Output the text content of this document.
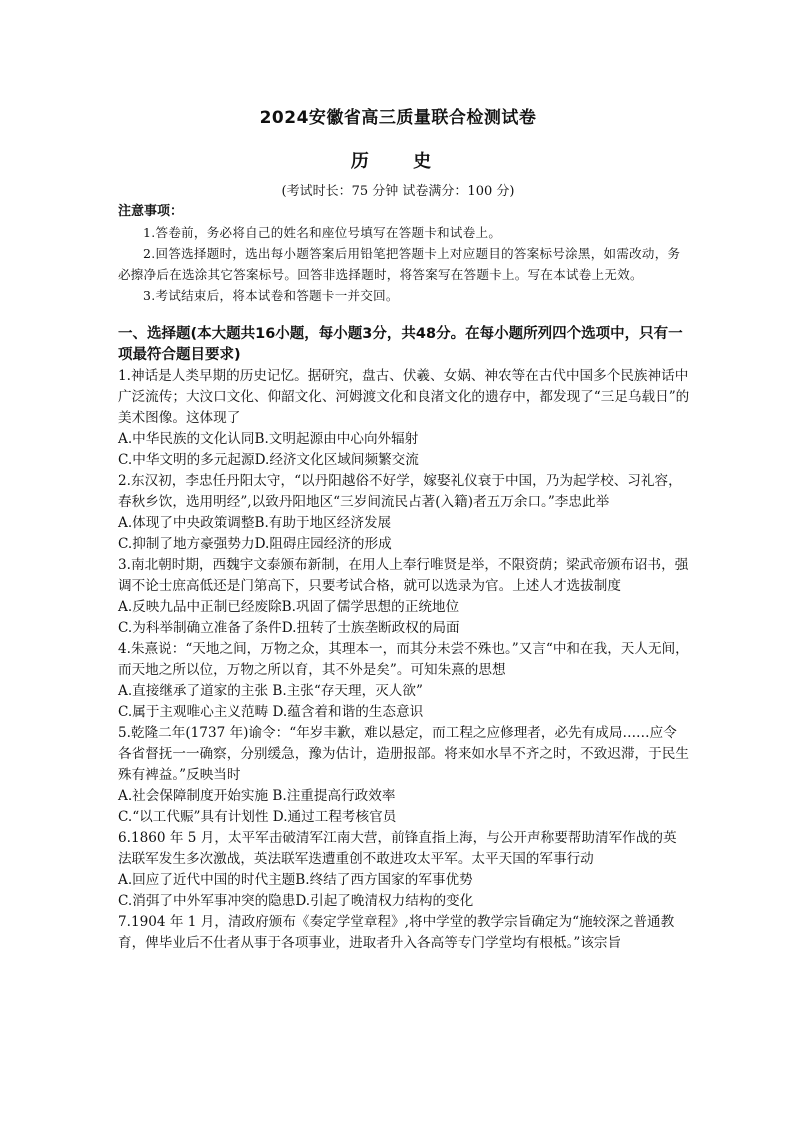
2024安徽省高三质量联合检测试卷
历 史
(考试时长：75 分钟 试卷满分：100 分)
注意事项：

1.答卷前，务必将自己的姓名和座位号填写在答题卡和试卷上。

2.回答选择题时，选出每小题答案后用铅笔把答题卡上对应题目的答案标号涂黑，如需改动，务必擦净后在选涂其它答案标号。回答非选择题时，将答案写在答题卡上。写在本试卷上无效。

3.考试结束后，将本试卷和答题卡一并交回。

一、选择题(本大题共16小题，每小题3分，共48分。在每小题所列四个选项中，只有一项最符合题目要求)

1.神话是人类早期的历史记忆。据研究，盘古、伏羲、女娲、神农等在古代中国多个民族神话中广泛流传；大汶口文化、仰韶文化、河姆渡文化和良渚文化的遗存中，都发现了“三足乌载日”的美术图像。这体现了

A.中华民族的文化认同B.文明起源由中心向外辐射

C.中华文明的多元起源D.经济文化区域间频繁交流

2.东汉初，李忠任丹阳太守，“以丹阳越俗不好学，嫁娶礼仪衰于中国，乃为起学校、习礼容，春秋乡饮，选用明经”,以致丹阳地区“三岁间流民占著(入籍)者五万余口。”李忠此举

A.体现了中央政策调整B.有助于地区经济发展

C.抑制了地方豪强势力D.阻碍庄园经济的形成

3.南北朝时期，西魏宇文泰颁布新制，在用人上奉行唯贤是举，不限资荫；梁武帝颁布诏书，强调不论士庶高低还是门第高下，只要考试合格，就可以选录为官。上述人才选拔制度

A.反映九品中正制已经废除B.巩固了儒学思想的正统地位

C.为科举制确立准备了条件D.扭转了士族垄断政权的局面

4.朱熹说：“天地之间，万物之众，其理本一，而其分未尝不殊也。”又言“中和在我，天人无间，而天地之所以位，万物之所以育，其不外是矣”。可知朱熹的思想

A.直接继承了道家的主张 B.主张“存天理，灭人欲”

C.属于主观唯心主义范畴 D.蕴含着和谐的生态意识

5.乾隆二年(1737 年)谕令：“年岁丰歉，难以悬定，而工程之应修理者，必先有成局……应令各省督抚一一确察，分别缓急，豫为估计，造册报部。将来如水旱不齐之时，不致迟滞，于民生殊有裨益。”反映当时

A.社会保障制度开始实施 B.注重提高行政效率

C.“以工代赈”具有计划性 D.通过工程考核官员

6.1860 年 5 月，太平军击破清军江南大营，前锋直指上海，与公开声称要帮助清军作战的英法联军发生多次激战，英法联军迭遭重创不敢进攻太平军。太平天国的军事行动

A.回应了近代中国的时代主题B.终结了西方国家的军事优势

C.消弭了中外军事冲突的隐患D.引起了晚清权力结构的变化

7.1904 年 1 月，清政府颁布《奏定学堂章程》,将中学堂的教学宗旨确定为“施较深之普通教育，俾毕业后不仕者从事于各项事业，进取者升入各高等专门学堂均有根柢。”该宗旨
